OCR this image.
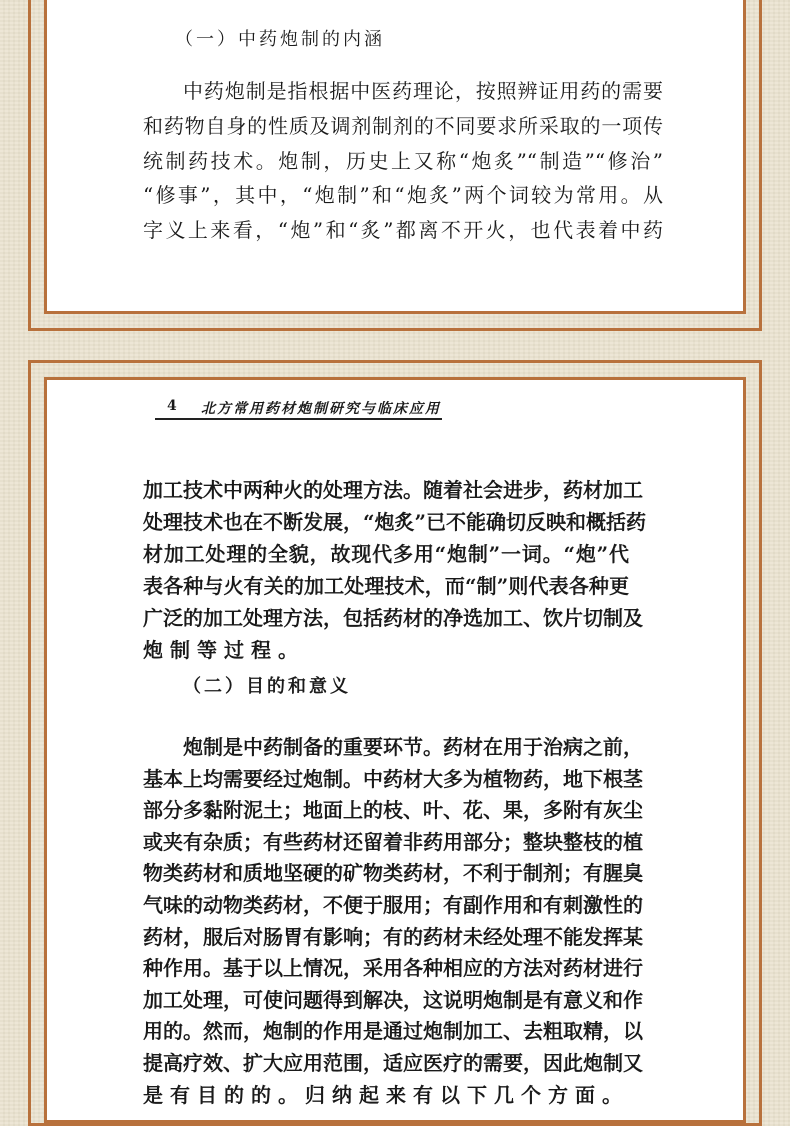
（一）中药炮制的内涵
中药炮制是指根据中医药理论，按照辨证用药的需要
和药物自身的性质及调剂制剂的不同要求所采取的一项传
统制药技术。炮制，历史上又称“炮炙”“制造”“修治”
“修事”，其中，“炮制”和“炮炙”两个词较为常用。从
字义上来看，“炮”和“炙”都离不开火，也代表着中药
4 北方常用药材炮制研究与临床应用
加工技术中两种火的处理方法。随着社会进步，药材加工
处理技术也在不断发展，“炮炙”已不能确切反映和概括药
材加工处理的全貌，故现代多用“炮制”一词。“炮”代
表各种与火有关的加工处理技术，而“制”则代表各种更
广泛的加工处理方法，包括药材的净选加工、饮片切制及
炮制等过程。
（二）目的和意义
炮制是中药制备的重要环节。药材在用于治病之前，
基本上均需要经过炮制。中药材大多为植物药，地下根茎
部分多黏附泥土；地面上的枝、叶、花、果，多附有灰尘
或夹有杂质；有些药材还留着非药用部分；整块整枝的植
物类药材和质地坚硬的矿物类药材，不利于制剂；有腥臭
气味的动物类药材，不便于服用；有副作用和有刺激性的
药材，服后对肠胃有影响；有的药材未经处理不能发挥某
种作用。基于以上情况，采用各种相应的方法对药材进行
加工处理，可使问题得到解决，这说明炮制是有意义和作
用的。然而，炮制的作用是通过炮制加工、去粗取精，以
提高疗效、扩大应用范围，适应医疗的需要，因此炮制又
是有目的的。归纳起来有以下几个方面。
